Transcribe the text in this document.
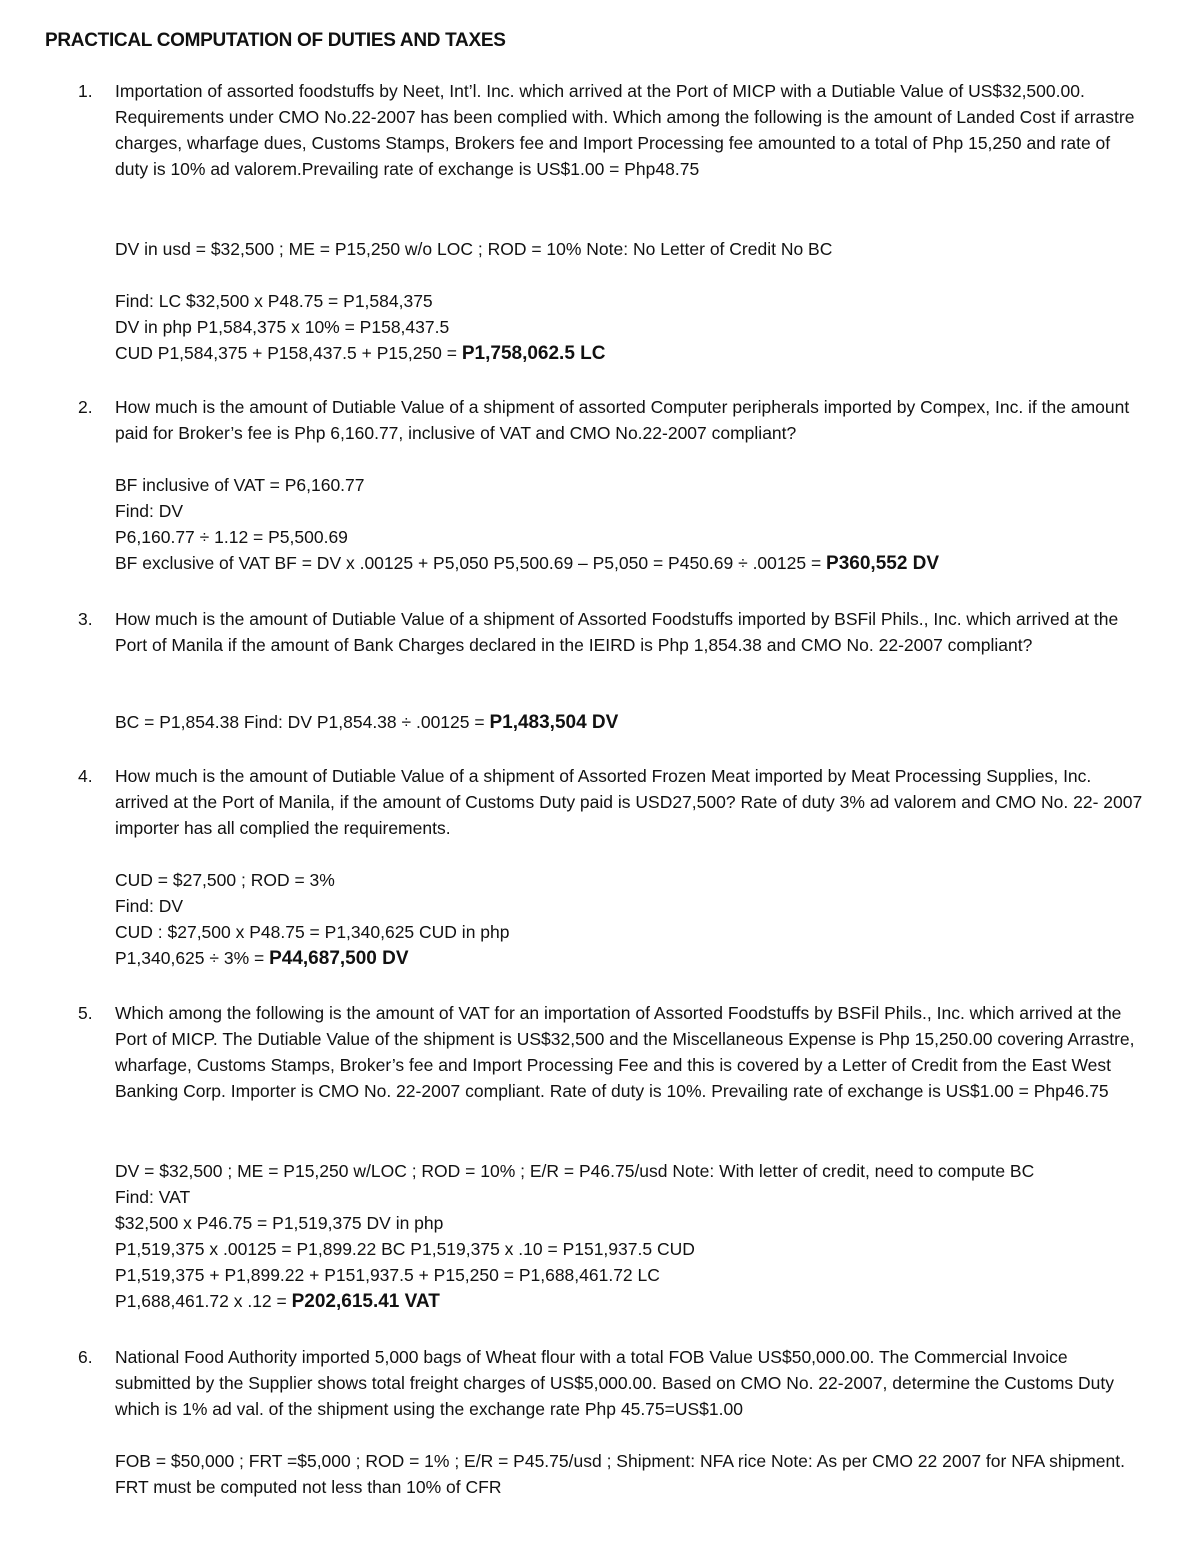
PRACTICAL COMPUTATION OF DUTIES AND TAXES
1. Importation of assorted foodstuffs by Neet, Int’l. Inc. which arrived at the Port of MICP with a Dutiable Value of US$32,500.00. Requirements under CMO No.22-2007 has been complied with. Which among the following is the amount of Landed Cost if arrastre charges, wharfage dues, Customs Stamps, Brokers fee and Import Processing fee amounted to a total of Php 15,250 and rate of duty is 10% ad valorem.Prevailing rate of exchange is US$1.00 = Php48.75
DV in usd = $32,500 ; ME = P15,250 w/o LOC ; ROD = 10% Note: No Letter of Credit No BC
Find: LC $32,500 x P48.75 = P1,584,375
DV in php P1,584,375 x 10% = P158,437.5
CUD P1,584,375 + P158,437.5 + P15,250 = P1,758,062.5 LC
2. How much is the amount of Dutiable Value of a shipment of assorted Computer peripherals imported by Compex, Inc. if the amount paid for Broker’s fee is Php 6,160.77, inclusive of VAT and CMO No.22-2007 compliant?
BF inclusive of VAT = P6,160.77
Find: DV
P6,160.77 ÷ 1.12 = P5,500.69
BF exclusive of VAT BF = DV x .00125 + P5,050 P5,500.69 – P5,050 = P450.69 ÷ .00125 = P360,552 DV
3. How much is the amount of Dutiable Value of a shipment of Assorted Foodstuffs imported by BSFil Phils., Inc. which arrived at the Port of Manila if the amount of Bank Charges declared in the IEIRD is Php 1,854.38 and CMO No. 22-2007 compliant?
BC = P1,854.38 Find: DV P1,854.38 ÷ .00125 = P1,483,504 DV
4. How much is the amount of Dutiable Value of a shipment of Assorted Frozen Meat imported by Meat Processing Supplies, Inc. arrived at the Port of Manila, if the amount of Customs Duty paid is USD27,500? Rate of duty 3% ad valorem and CMO No. 22- 2007 importer has all complied the requirements.
CUD = $27,500 ; ROD = 3%
Find: DV
CUD : $27,500 x P48.75 = P1,340,625 CUD in php
P1,340,625 ÷ 3% = P44,687,500 DV
5. Which among the following is the amount of VAT for an importation of Assorted Foodstuffs by BSFil Phils., Inc. which arrived at the Port of MICP. The Dutiable Value of the shipment is US$32,500 and the Miscellaneous Expense is Php 15,250.00 covering Arrastre, wharfage, Customs Stamps, Broker’s fee and Import Processing Fee and this is covered by a Letter of Credit from the East West Banking Corp. Importer is CMO No. 22-2007 compliant. Rate of duty is 10%. Prevailing rate of exchange is US$1.00 = Php46.75
DV = $32,500 ; ME = P15,250 w/LOC ; ROD = 10% ; E/R = P46.75/usd Note: With letter of credit, need to compute BC
Find: VAT
$32,500 x P46.75 = P1,519,375 DV in php
P1,519,375 x .00125 = P1,899.22 BC P1,519,375 x .10 = P151,937.5 CUD
P1,519,375 + P1,899.22 + P151,937.5 + P15,250 = P1,688,461.72 LC
P1,688,461.72 x .12 = P202,615.41 VAT
6. National Food Authority imported 5,000 bags of Wheat flour with a total FOB Value US$50,000.00. The Commercial Invoice submitted by the Supplier shows total freight charges of US$5,000.00. Based on CMO No. 22-2007, determine the Customs Duty which is 1% ad val. of the shipment using the exchange rate Php 45.75=US$1.00
FOB = $50,000 ; FRT =$5,000 ; ROD = 1% ; E/R = P45.75/usd ; Shipment: NFA rice Note: As per CMO 22 2007 for NFA shipment. FRT must be computed not less than 10% of CFR
